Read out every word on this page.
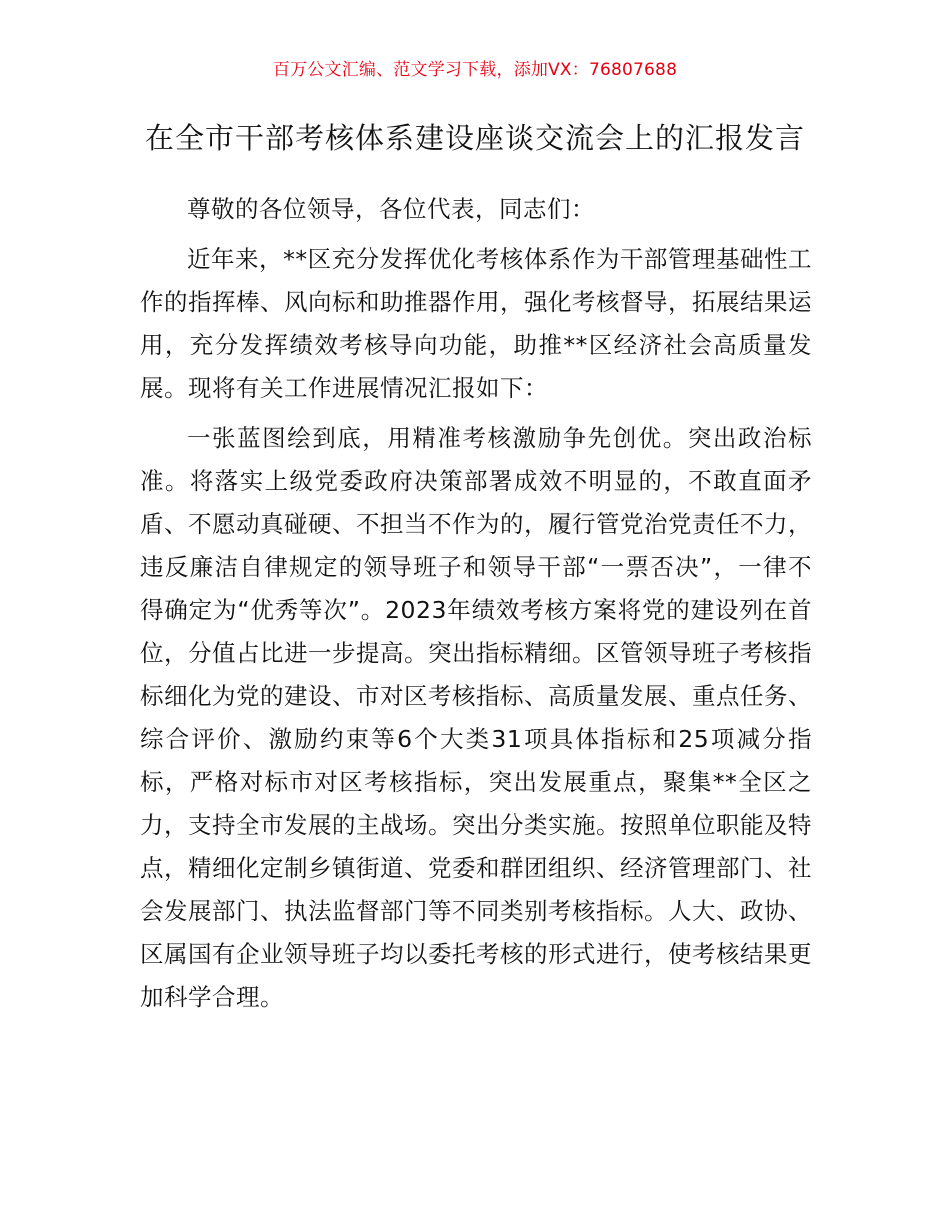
百万公文汇编、范文学习下载，添加VX：76807688
在全市干部考核体系建设座谈交流会上的汇报发言

尊敬的各位领导，各位代表，同志们：

近年来，**区充分发挥优化考核体系作为干部管理基础性工作的指挥棒、风向标和助推器作用，强化考核督导，拓展结果运用，充分发挥绩效考核导向功能，助推**区经济社会高质量发展。现将有关工作进展情况汇报如下：

一张蓝图绘到底，用精准考核激励争先创优。突出政治标准。将落实上级党委政府决策部署成效不明显的，不敢直面矛盾、不愿动真碰硬、不担当不作为的，履行管党治党责任不力，违反廉洁自律规定的领导班子和领导干部“一票否决”，一律不得确定为“优秀等次”。2023年绩效考核方案将党的建设列在首位，分值占比进一步提高。突出指标精细。区管领导班子考核指标细化为党的建设、市对区考核指标、高质量发展、重点任务、综合评价、激励约束等6个大类31项具体指标和25项减分指标，严格对标市对区考核指标，突出发展重点，聚集**全区之力，支持全市发展的主战场。突出分类实施。按照单位职能及特点，精细化定制乡镇街道、党委和群团组织、经济管理部门、社会发展部门、执法监督部门等不同类别考核指标。人大、政协、区属国有企业领导班子均以委托考核的形式进行，使考核结果更加科学合理。
